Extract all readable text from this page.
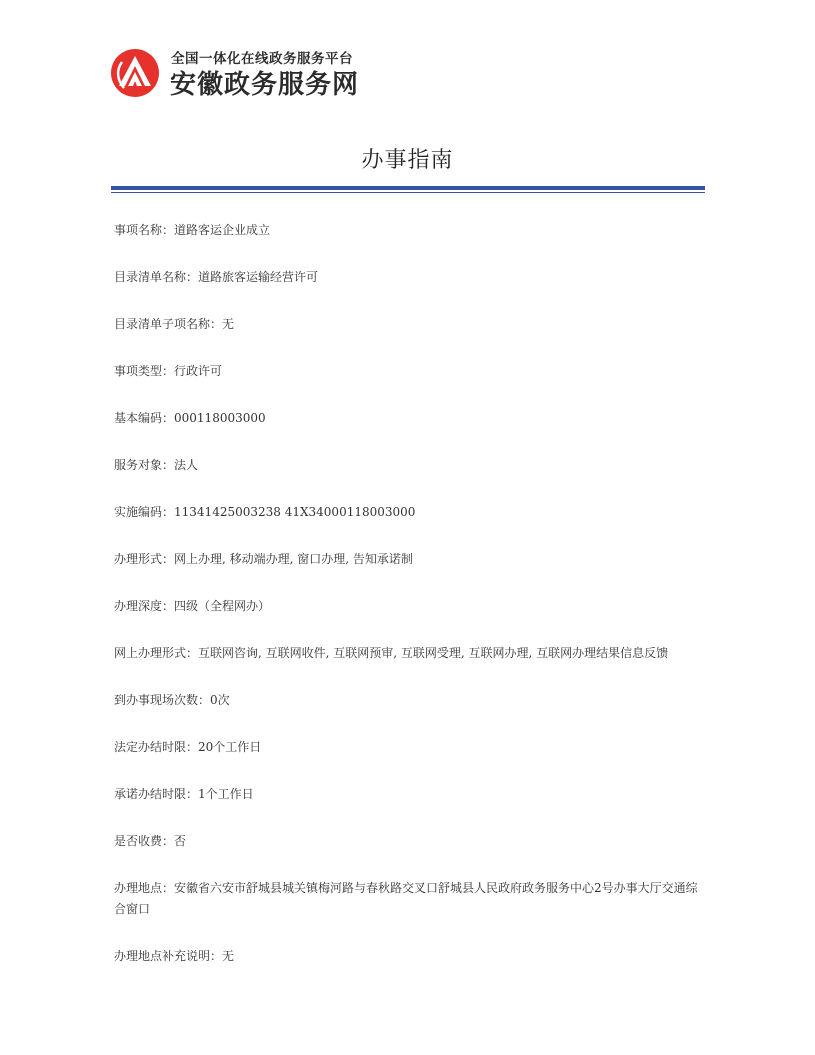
全国一体化在线政务服务平台
安徽政务服务网
办事指南
事项名称：道路客运企业成立
目录清单名称：道路旅客运输经营许可
目录清单子项名称：无
事项类型：行政许可
基本编码：000118003000
服务对象：法人
实施编码：11341425003238 41X34000118003000
办理形式：网上办理, 移动端办理, 窗口办理, 告知承诺制
办理深度：四级（全程网办）
网上办理形式：互联网咨询, 互联网收件, 互联网预审, 互联网受理, 互联网办理, 互联网办理结果信息反馈
到办事现场次数：0次
法定办结时限：20个工作日
承诺办结时限：1个工作日
是否收费：否
办理地点：安徽省六安市舒城县城关镇梅河路与春秋路交叉口舒城县人民政府政务服务中心2号办事大厅交通综合窗口
办理地点补充说明：无
